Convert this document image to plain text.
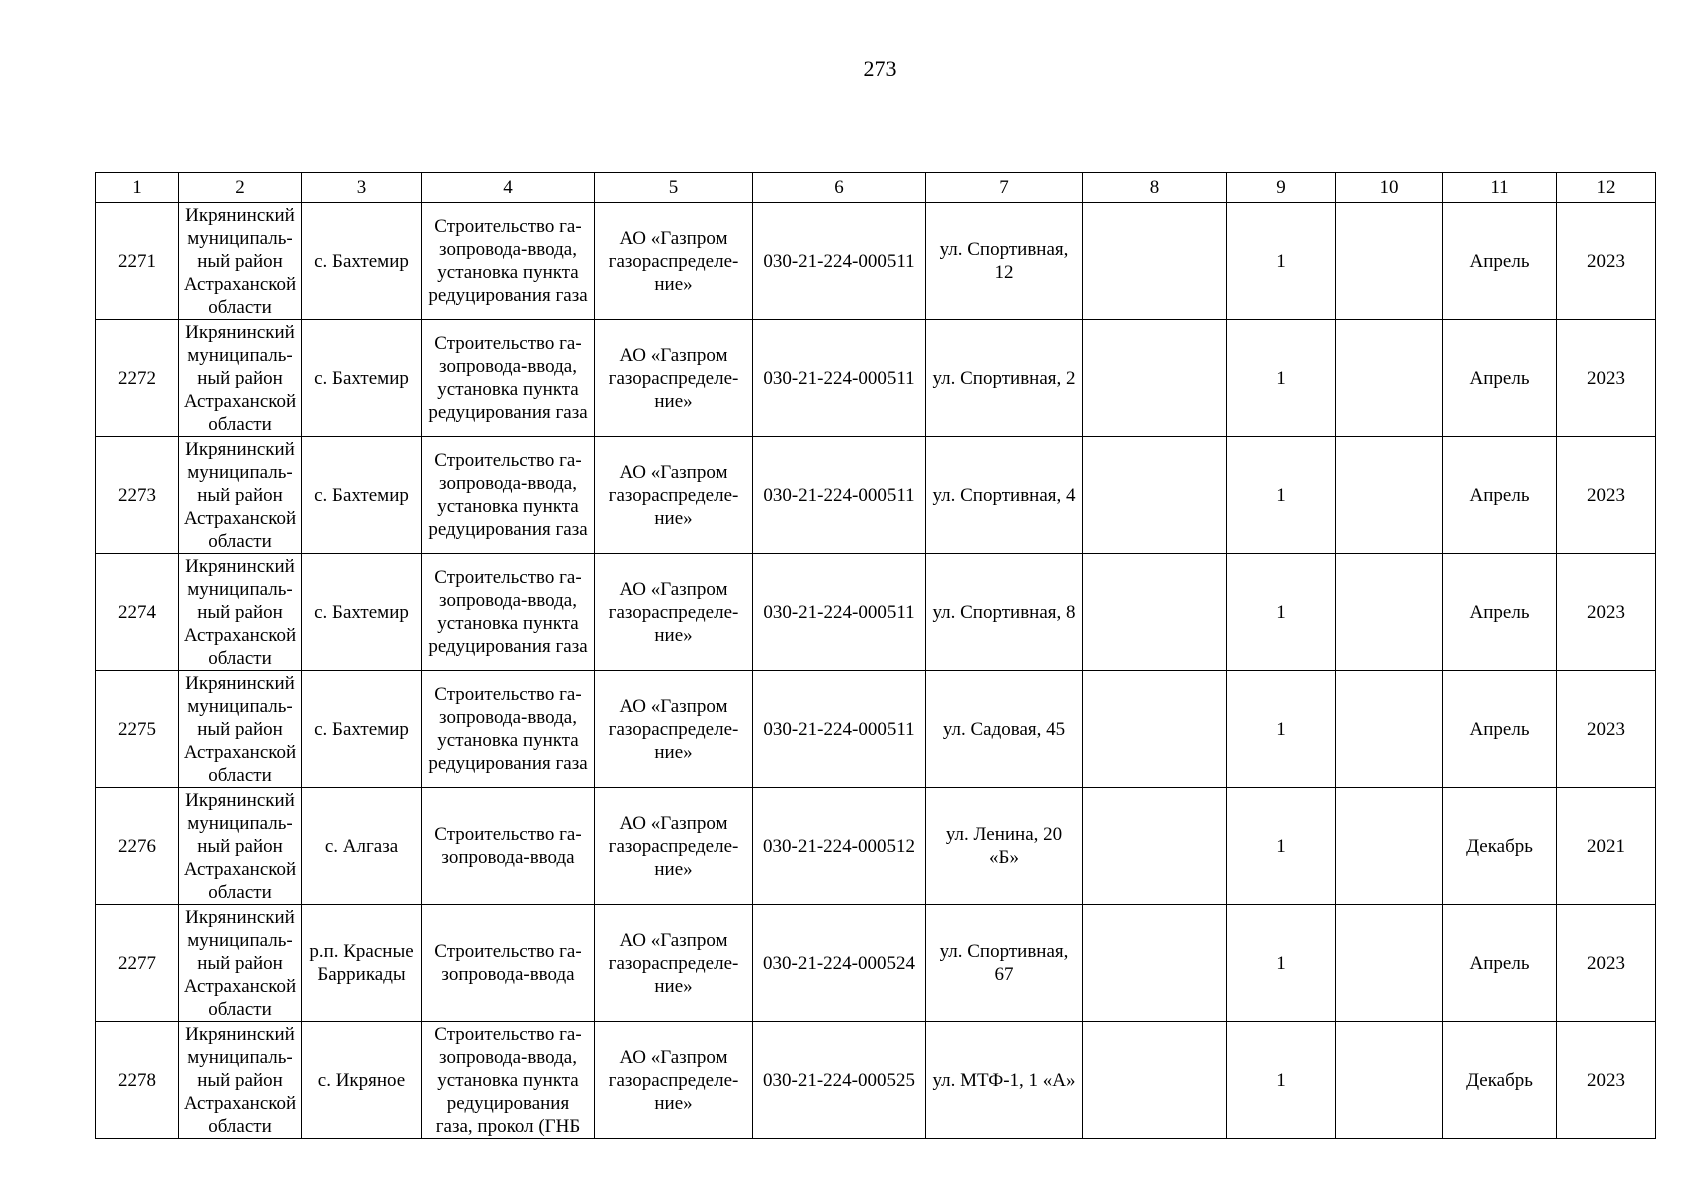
273
1	2	3	4	5	6	7	8	9	10	11	12
2271	Икрянинский
муниципаль-
ный район
Астраханской
области	с. Бахтемир	Строительство га-
зопровода-ввода,
установка пункта
редуцирования газа	АО «Газпром
газораспределе-
ние»	030-21-224-000511	ул. Спортивная,
12		1		Апрель	2023
2272	Икрянинский
муниципаль-
ный район
Астраханской
области	с. Бахтемир	Строительство га-
зопровода-ввода,
установка пункта
редуцирования газа	АО «Газпром
газораспределе-
ние»	030-21-224-000511	ул. Спортивная, 2		1		Апрель	2023
2273	Икрянинский
муниципаль-
ный район
Астраханской
области	с. Бахтемир	Строительство га-
зопровода-ввода,
установка пункта
редуцирования газа	АО «Газпром
газораспределе-
ние»	030-21-224-000511	ул. Спортивная, 4		1		Апрель	2023
2274	Икрянинский
муниципаль-
ный район
Астраханской
области	с. Бахтемир	Строительство га-
зопровода-ввода,
установка пункта
редуцирования газа	АО «Газпром
газораспределе-
ние»	030-21-224-000511	ул. Спортивная, 8		1		Апрель	2023
2275	Икрянинский
муниципаль-
ный район
Астраханской
области	с. Бахтемир	Строительство га-
зопровода-ввода,
установка пункта
редуцирования газа	АО «Газпром
газораспределе-
ние»	030-21-224-000511	ул. Садовая, 45		1		Апрель	2023
2276	Икрянинский
муниципаль-
ный район
Астраханской
области	с. Алгаза	Строительство га-
зопровода-ввода	АО «Газпром
газораспределе-
ние»	030-21-224-000512	ул. Ленина, 20
«Б»		1		Декабрь	2021
2277	Икрянинский
муниципаль-
ный район
Астраханской
области	р.п. Красные
Баррикады	Строительство га-
зопровода-ввода	АО «Газпром
газораспределе-
ние»	030-21-224-000524	ул. Спортивная,
67		1		Апрель	2023
2278	Икрянинский
муниципаль-
ный район
Астраханской
области	с. Икряное	Строительство га-
зопровода-ввода,
установка пункта
редуцирования
газа, прокол (ГНБ	АО «Газпром
газораспределе-
ние»	030-21-224-000525	ул. МТФ-1, 1 «А»		1		Декабрь	2023
